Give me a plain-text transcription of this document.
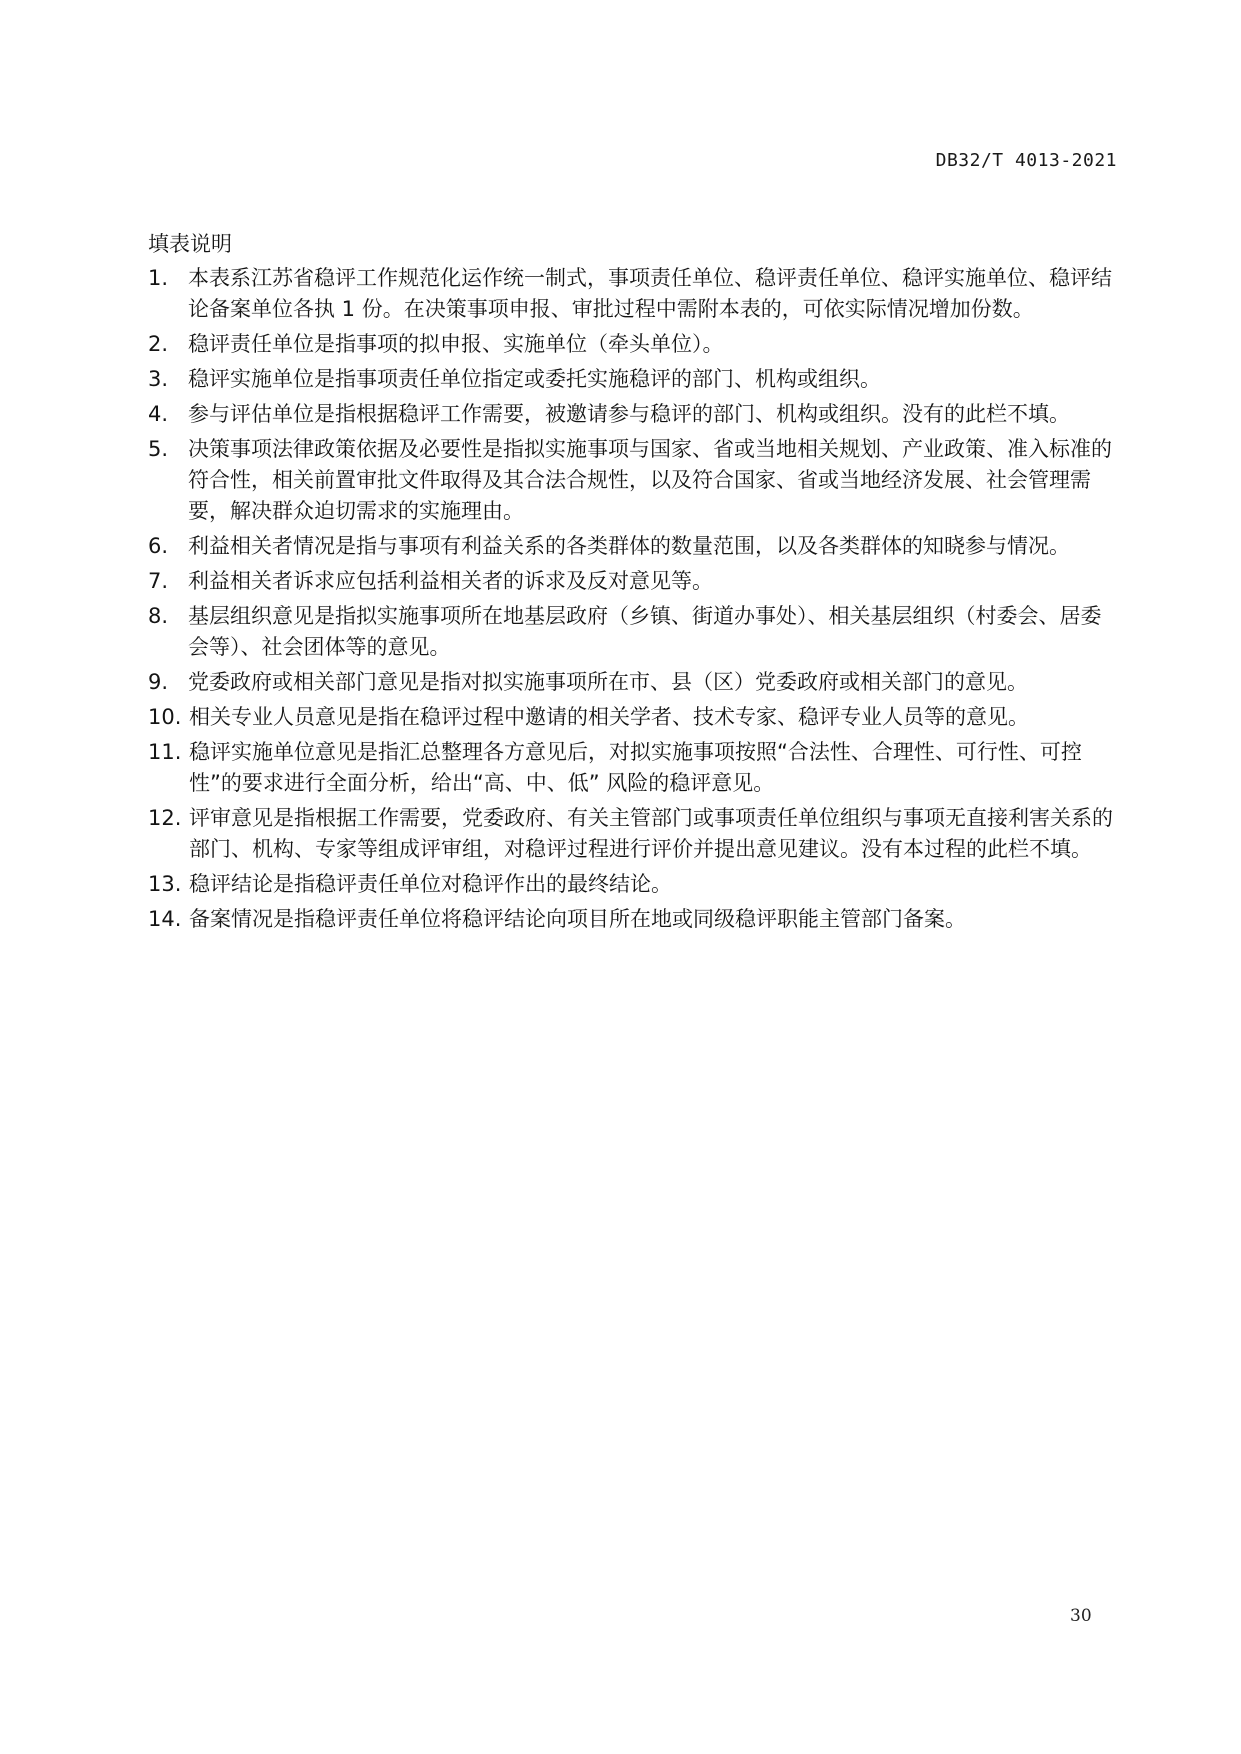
DB32/T 4013-2021
填表说明
1. 本表系江苏省稳评工作规范化运作统一制式，事项责任单位、稳评责任单位、稳评实施单位、稳评结论备案单位各执 1 份。在决策事项申报、审批过程中需附本表的，可依实际情况增加份数。
2. 稳评责任单位是指事项的拟申报、实施单位（牵头单位）。
3. 稳评实施单位是指事项责任单位指定或委托实施稳评的部门、机构或组织。
4. 参与评估单位是指根据稳评工作需要，被邀请参与稳评的部门、机构或组织。没有的此栏不填。
5. 决策事项法律政策依据及必要性是指拟实施事项与国家、省或当地相关规划、产业政策、准入标准的符合性，相关前置审批文件取得及其合法合规性，以及符合国家、省或当地经济发展、社会管理需要，解决群众迫切需求的实施理由。
6. 利益相关者情况是指与事项有利益关系的各类群体的数量范围，以及各类群体的知晓参与情况。
7. 利益相关者诉求应包括利益相关者的诉求及反对意见等。
8. 基层组织意见是指拟实施事项所在地基层政府（乡镇、街道办事处）、相关基层组织（村委会、居委会等）、社会团体等的意见。
9. 党委政府或相关部门意见是指对拟实施事项所在市、县（区）党委政府或相关部门的意见。
10. 相关专业人员意见是指在稳评过程中邀请的相关学者、技术专家、稳评专业人员等的意见。
11. 稳评实施单位意见是指汇总整理各方意见后，对拟实施事项按照“合法性、合理性、可行性、可控性”的要求进行全面分析，给出“高、中、低” 风险的稳评意见。
12. 评审意见是指根据工作需要，党委政府、有关主管部门或事项责任单位组织与事项无直接利害关系的部门、机构、专家等组成评审组，对稳评过程进行评价并提出意见建议。没有本过程的此栏不填。
13. 稳评结论是指稳评责任单位对稳评作出的最终结论。
14. 备案情况是指稳评责任单位将稳评结论向项目所在地或同级稳评职能主管部门备案。
30
